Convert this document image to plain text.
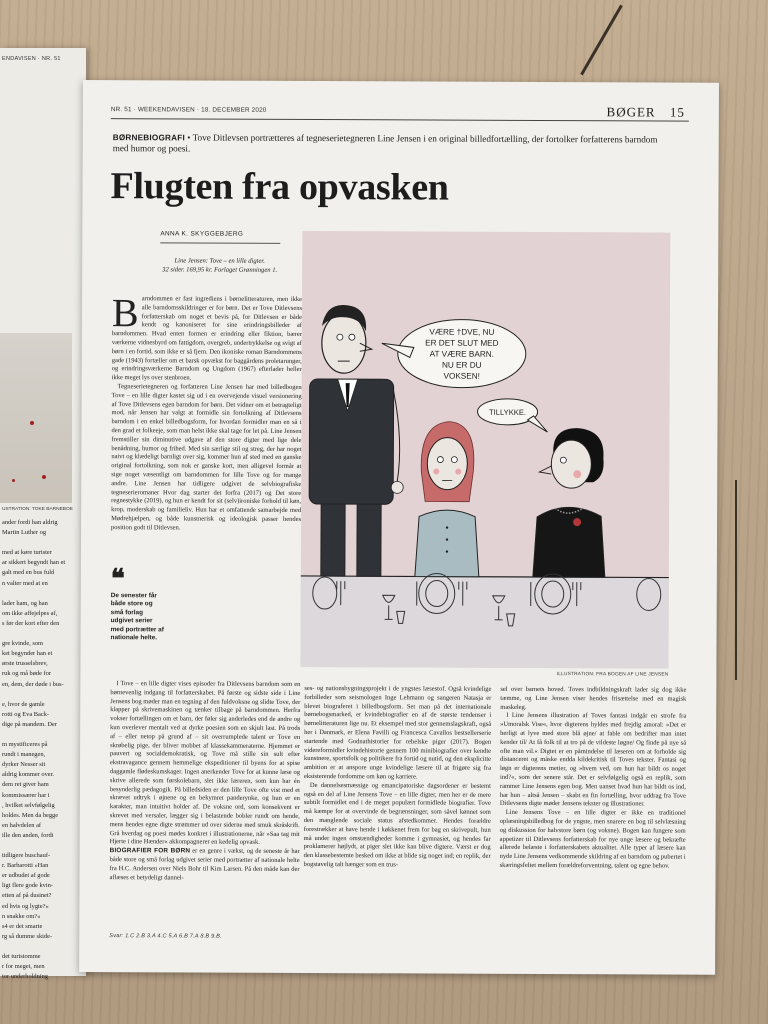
ENDAVISEN · NR. 51
USTRATION: TOKE BARNEBOE
ander fordi han aldrig
Martin Luther og

med at køre turister
ar sikkert begyndt han et
galt med en bus fuld
n valter med at en

lader ham, og han
om ikke affejelpes af,
s før der kort efter den

gre kvinde, som
ket begynder han et
ørste trusselsbrev,
ruk og må bøde for
en, dem, der døde i bus-

e, hvor de gamle
rotti og Eva Back-
dige på mandem. Der

m mystificeres på
rundt i manegen,
dyrker Nesser sit
aldrig kommer over.
dem ret giver ham
kommissærer har i
, hvilket selvfølgelig
holdes. Men da begge
en halvdelen af
ille den anden, fordi

tidligere buschauf-
r. Barbarotti »Han
er udbudet af gode
ligt flere gode kvin-
etten af på dusinet?
ed hvis og lygte?«
n snakke om?«
s4 er det smarte
rg så dumme skide-

det turistomme
r for meget, men
tor underholdning
NR. 51 · WEEKENDAVISEN · 18. DECEMBER 2020	BØGER 15
BØRNEBIOGRAFI • Tove Ditlevsen portrætteres af tegneserietegneren Line Jensen i en original billedfortælling, der fortolker forfatterens barndom med humor og poesi.
Flugten fra opvasken
ANNA K. SKYGGEBJERG
Line Jensen: Tove – en lille digter.
32 sider. 169,95 kr. Forlaget Grønningen 1.
B arndommen er fast ingrediens i børnelitteraturen, men ikke alle barndomsskildringer er for børn. Det er Tove Ditlevsens forfatterskab om noget et bevis på, for Ditlevsen er både kendt og kanoniseret for sine erindringsbilleder af barndommen. Hvad enten formen er erindring eller fiktion, bærer værkerne vidnesbyrd om fattigdom, overgreb, undertrykkelse og svigt af børn i en fortid, som ikke er så fjern. Den ikoniske roman Barndommens gade (1943) fortæller om et barsk opvækst for baggårdens proletarunger, og erindringsværkerne Barndom og Ungdom (1967) efterlader heller ikke meget lys over stenbroen.

Tegneserietegneren og forfatteren Line Jensen har med billedbogen Tove – en lille digter kastet sig ud i en overvejende visuel versionering af Tove Ditlevsens egen barndom for børn. Det vidner om et betragteligt mod, når Jensen har valgt at formidle sin fortolkning af Ditlevsens barndom i en enkel billedbogsform, for hvordan formidler man en så i den grad et folkeeje, som man helst ikke skal tage for let på. Line Jensen fremstiller sin diminutive udgave af den store digter med lige dele benådning, humor og frihed. Med sin særlige stil og streg, der har noget naivt og klædeligt barnligt over sig, kommer hun af sted med en ganske original fortolkning, som nok er ganske kort, men alligevel formår at sige noget væsentligt om barndommen for lille Tove og for mange andre. Line Jensen har tidligere udgivet de selvbiografiske tegneserieromaner Hvor dag starter det forfra (2017) og Det store regnestykke (2019), og hun er kendt for sit (selv)ironiske forhold til køn, krop, moderskab og familieliv. Hun har et omfattende samarbejde med Mødrehjælpen, og både kunstnerisk og ideologisk passer hendes position godt til Ditlevsen.

❝
De senester får både store og små forlag udgivet serier med portrætter af nationale helte.
VÆRE †DVE, NU
ER DET SLUT MED
AT VÆRE BARN.
NU ER DU
VOKSEN!
TILLYKKE.
ILLUSTRATION: FRA BOGEN AF LINE JENSEN

I Tove – en lille digter vises episoder fra Ditlevsens barndom som en børnevenlig indgang til forfatterskabet. På første og sidste side i Line Jensens bog møder man en tegning af den fuldvoksne og slidte Tove, der klapper på skrivemaskinen og tænker tilbage på barndommen. Herfra vokser fortællingen om et barn, der føler sig anderledes end de andre og kun overlever mentalt ved at dyrke poesien som en skjult last. På trods af – eller netop på grund af – sit overrumplede talent er Tove en skrøbelig pige, der bliver mobbet af klassekammeraterne. Hjemmet er pauvert og socialdemokratisk, og Tove må stille sin sult efter ekstravagance gennem hemmelige ekspeditioner til byens for at spise daggamle flødeskumskager. Ingen anerkender Tove for at kunne læse og skrive allerede som førskolebarn, slet ikke læreren, som kun har én besynderlig pædagogik. På billedsiden er den lille Tove ofte vist med et skrævet udtryk i øjnene og en bekymret panderynke, og hun er en karakter, man intuitivt holder af. De voksne ord, som konsekvent er skrevet med versaler, lægger sig i belastende bobler rundt om hende, mens hendes egne digte strømmer ud over siderne med smuk skråskrift. Grå hverdag og poesi mødes konkret i illustrationerne, når »Saa tag mit Hjerte i dine Hænder« akkompagnerer en kedelig opvask.

BIOGRAFIER FOR BØRN er en genre i vækst, og de seneste år har både store og små forlag udgivet serier med portrætter af nationale helte fra H.C. Andersen over Niels Bohr til Kim Larsen. På den måde kan der aflæses et betydeligt dannel-

ses- og nationsbygningsprojekt i de yngstes læsestof. Også kvindelige forbilleder som seismologen Inge Lehmann og sangeren Natasja er blevet biograferet i billedbogsform. Set man på det internationale børnebogsmarked, er kvindebiografier en af de største tendenser i børnelitteraturen lige nu. Et eksempel med stor gennemslagskraft, også her i Danmark, er Elena Favilli og Francesca Cavallos bestsellerserie startende med Godnathistorier for rebelske piger (2017). Bogen videreformidler kvindehistorie gennem 100 minibiografier over kendte kunstnere, sportsfolk og politikere fra fortid og nutid, og den eksplicitte ambition er at anspore unge kvindelige læsere til at frigøre sig fra eksisterende fordomme om køn og karriere.

De dannelsesmæssige og emancipatoriske dagsordener er bestemt også en del af Line Jensens Tove – en lille digter, men her er de mere subtilt formidlet end i de meget populært formidlede biografier. Tove må kæmpe for at overvinde de begrænsninger, som såvel kønnet som den manglende sociale status afstedkommer. Hendes forældre forestrækker at have hende i køkkenet frem for bag en skrivepult, hun må under ingen omstændigheder komme i gymnasiet, og hendes far proklamerer højlydt, at piger slet ikke kan blive digtere. Værst er dog den klassebestemte besked om ikke at blide sig noget ind; en replik, der bogstavelig talt hænger som en trus-

sel over barnets hoved. Toves indbildningskraft lader sig dog ikke tæmme, og Line Jensen viser hendes frisættelse med en magisk maskeleg.

I Line Jensens illustration af Toves fantasi indgår en strofe fra »Umoralsk Vise«, hvor digterens hyldes med frejdig amoral: »Det er herligt at lyve med store blå øjne/ at fable om bedrifter man intet kender til/ At få folk til at tro på de vildeste løgne/ Og finde på nye så ofte man vil.« Digtet er en påmindelse til læseren om at forholde sig distanceret og måske endda kildekritisk til Toves tekster. Fantasi og løgn er digterens metier, og »hvem ved, om hun har bildt os noget ind?«, som der senere står. Det er selvfølgelig også en replik, som rammer Line Jensens egen bog. Men uanset hvad hun har bildt os ind, har hun – altså Jensen – skabt en fin fortælling, hvor uddrag fra Tove Ditlevsens digte møder Jensens tekster og illustrationer.

Line Jensens Tove – en lille digter er ikke en traditionel oplæsningsbilledbog for de yngste, men snarere en bog til selvlæsning og diskussion for halvstore børn (og voksne). Bogen kan fungere som appetizer til Ditlevsens forfatterskab for nye unge læsere og bekræfte allerede belæste i forfatterskabets aktualitet. Alle typer af læsere kan nyde Line Jensens vedkommende skildring af en barndom og pubertet i skæringsfeltet mellem forældreforventning, talent og egne behov.

Svar: 1.C 2.B 3.A 4.C 5.A 6.B 7.A 8.B 9.B.
